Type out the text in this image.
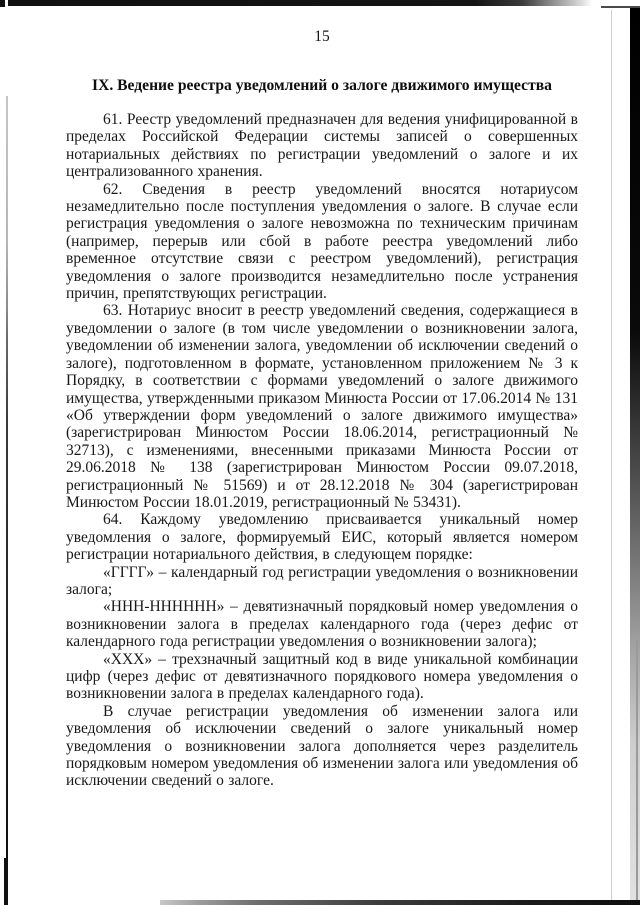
15
IX. Ведение реестра уведомлений о залоге движимого имущества

61. Реестр уведомлений предназначен для ведения унифицированной в пределах Российской Федерации системы записей о совершенных нотариальных действиях по регистрации уведомлений о залоге и их централизованного хранения.

62. Сведения в реестр уведомлений вносятся нотариусом незамедлительно после поступления уведомления о залоге. В случае если регистрация уведомления о залоге невозможна по техническим причинам (например, перерыв или сбой в работе реестра уведомлений либо временное отсутствие связи с реестром уведомлений), регистрация уведомления о залоге производится незамедлительно после устранения причин, препятствующих регистрации.

63. Нотариус вносит в реестр уведомлений сведения, содержащиеся в уведомлении о залоге (в том числе уведомлении о возникновении залога, уведомлении об изменении залога, уведомлении об исключении сведений о залоге), подготовленном в формате, установленном приложением № 3 к Порядку, в соответствии с формами уведомлений о залоге движимого имущества, утвержденными приказом Минюста России от 17.06.2014 № 131 «Об утверждении форм уведомлений о залоге движимого имущества» (зарегистрирован Минюстом России 18.06.2014, регистрационный № 32713), с изменениями, внесенными приказами Минюста России от 29.06.2018 № 138 (зарегистрирован Минюстом России 09.07.2018, регистрационный № 51569) и от 28.12.2018 № 304 (зарегистрирован Минюстом России 18.01.2019, регистрационный № 53431).

64. Каждому уведомлению присваивается уникальный номер уведомления о залоге, формируемый ЕИС, который является номером регистрации нотариального действия, в следующем порядке:

«ГГГГ» – календарный год регистрации уведомления о возникновении залога;

«ННН-НННННН» – девятизначный порядковый номер уведомления о возникновении залога в пределах календарного года (через дефис от календарного года регистрации уведомления о возникновении залога);

«ХХХ» – трехзначный защитный код в виде уникальной комбинации цифр (через дефис от девятизначного порядкового номера уведомления о возникновении залога в пределах календарного года).

В случае регистрации уведомления об изменении залога или уведомления об исключении сведений о залоге уникальный номер уведомления о возникновении залога дополняется через разделитель порядковым номером уведомления об изменении залога или уведомления об исключении сведений о залоге.
